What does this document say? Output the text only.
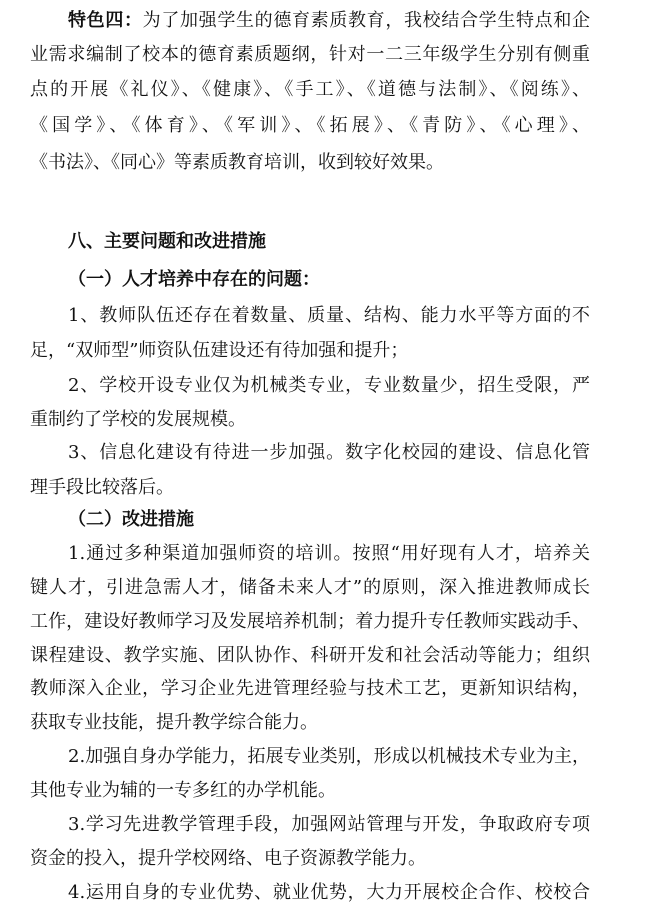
特色四：为了加强学生的德育素质教育，我校结合学生特点和企
业需求编制了校本的德育素质题纲，针对一二三年级学生分别有侧重
点的开展《礼仪》、《健康》、《手工》、《道德与法制》、《阅练》、
《国学》、《体育》、《军训》、《拓展》、《青防》、《心理》、
《书法》、《同心》等素质教育培训，收到较好效果。
八、主要问题和改进措施
（一）人才培养中存在的问题：
1、教师队伍还存在着数量、质量、结构、能力水平等方面的不
足，“双师型”师资队伍建设还有待加强和提升；
2、学校开设专业仅为机械类专业，专业数量少，招生受限，严
重制约了学校的发展规模。
3、信息化建设有待进一步加强。数字化校园的建设、信息化管
理手段比较落后。
（二）改进措施
1.通过多种渠道加强师资的培训。按照“用好现有人才，培养关
键人才，引进急需人才，储备未来人才”的原则，深入推进教师成长
工作，建设好教师学习及发展培养机制；着力提升专任教师实践动手、
课程建设、教学实施、团队协作、科研开发和社会活动等能力；组织
教师深入企业，学习企业先进管理经验与技术工艺，更新知识结构，
获取专业技能，提升教学综合能力。
2.加强自身办学能力，拓展专业类别，形成以机械技术专业为主，
其他专业为辅的一专多红的办学机能。
3.学习先进教学管理手段，加强网站管理与开发，争取政府专项
资金的投入，提升学校网络、电子资源教学能力。
4.运用自身的专业优势、就业优势，大力开展校企合作、校校合
